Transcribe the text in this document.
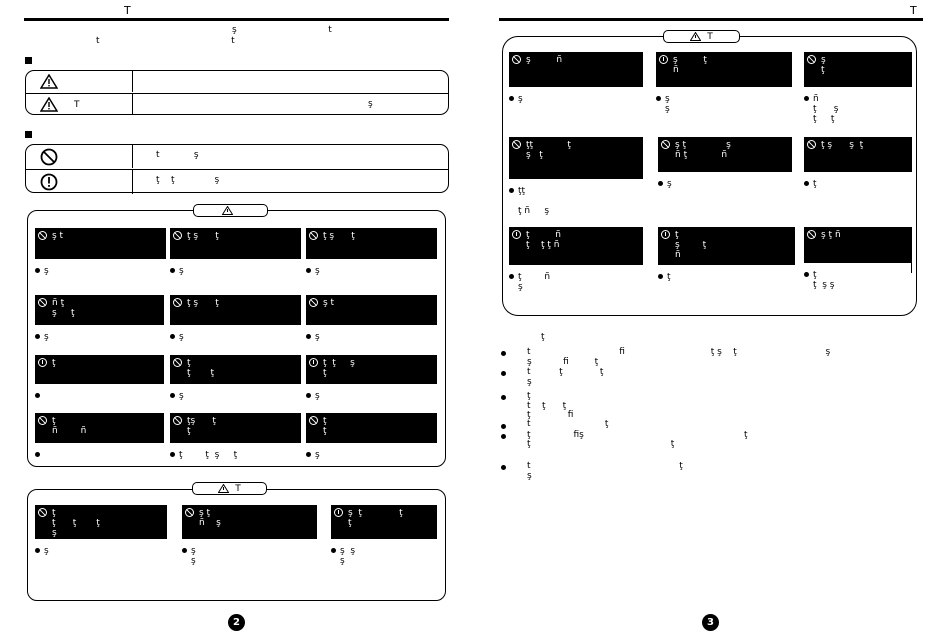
T
ş                                t
t                                              t
T	ş
t            ş
ţ    ţ              ş
ş t
ş
ţ ş      ţ
ş
ţ ş      ţ
ş
ñ ţ
ş     ţ
ş
ţ ş      ţ
ş
ş t
ş
ţ	ţ
ţ       ţ
ş
ţ  ţ     ş
ţ
ş
ţ
ñ        ñ
ţş      ţ
ţ
ţ        ţ  ş     ţ
ţ
ţ
ş
T
ţ
ţ      ţ       ţ
ş
ş
ş ţ
ñ    ş
ş
ş
ş  ţ             ţ
ţ
ş  ş
ş
2
T
T
ş         ñ
ş
ş         ţ
ñ
ş
ş
ş
ţ
ñ
ţ      ş
ţ     ţ
ţţ            ţ
ş   ţ
ţţ

ţ ñ     ş
ş ţ              ş
ñ ţ            ñ
ş
ţ ş      ş  ţ
ţ
ţ         ñ
ţ    ţ ţ ñ
ţ        ñ
ş
ţ
ş        ţ
ñ
ţ
ş ţ ñ
ţ
ţ  ş ş
ţ
t                               fi                              ţ ş    ţ                               ş
ş           fi         ţ
t          ţ             ţ
ş
ţ
t    ţ      ţ
ţ             fi
t                          ţ
ţ               fiş                                                        ţ
ţ                                                 ţ
t                                                    ţ
ş
3
